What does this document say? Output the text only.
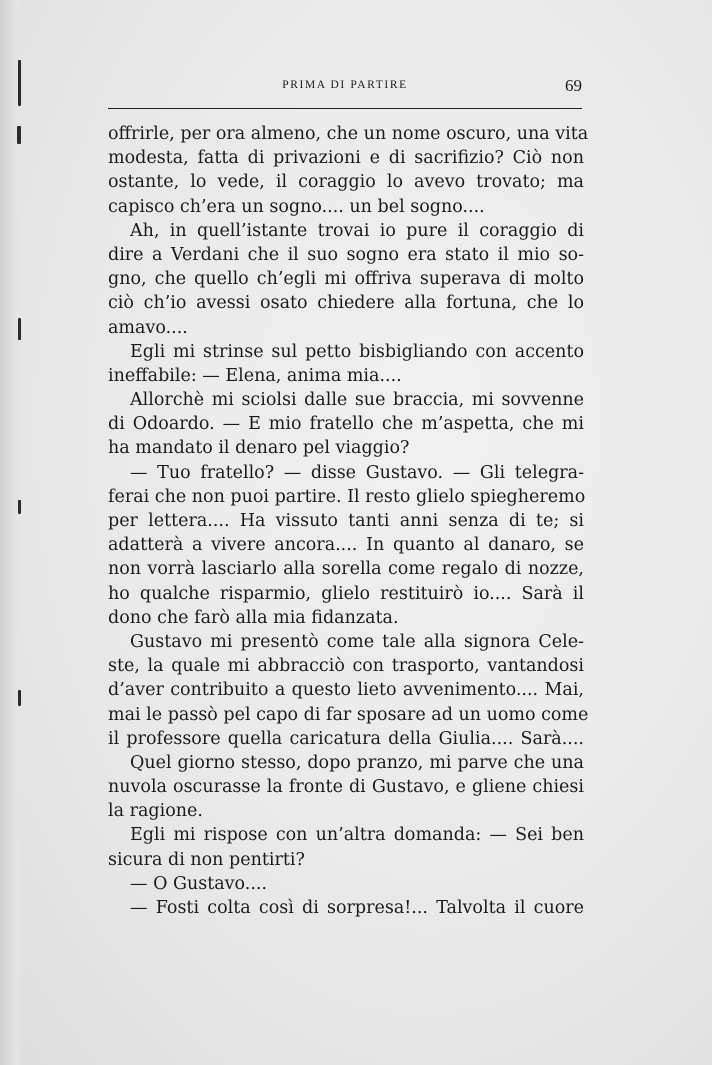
PRIMA DI PARTIRE	69
offrirle, per ora almeno, che un nome oscuro, una vita
modesta, fatta di privazioni e di sacrifizio? Ciò non
ostante, lo vede, il coraggio lo avevo trovato; ma
capisco ch’era un sogno.... un bel sogno....
Ah, in quell’istante trovai io pure il coraggio di
dire a Verdani che il suo sogno era stato il mio so-
gno, che quello ch’egli mi offriva superava di molto
ciò ch’io avessi osato chiedere alla fortuna, che lo
amavo....
Egli mi strinse sul petto bisbigliando con accento
ineffabile: — Elena, anima mia....
Allorchè mi sciolsi dalle sue braccia, mi sovvenne
di Odoardo. — E mio fratello che m’aspetta, che mi
ha mandato il denaro pel viaggio?
— Tuo fratello? — disse Gustavo. — Gli telegra-
ferai che non puoi partire. Il resto glielo spiegheremo
per lettera.... Ha vissuto tanti anni senza di te; si
adatterà a vivere ancora.... In quanto al danaro, se
non vorrà lasciarlo alla sorella come regalo di nozze,
ho qualche risparmio, glielo restituirò io.... Sarà il
dono che farò alla mia fidanzata.
Gustavo mi presentò come tale alla signora Cele-
ste, la quale mi abbracciò con trasporto, vantandosi
d’aver contribuito a questo lieto avvenimento.... Mai,
mai le passò pel capo di far sposare ad un uomo come
il professore quella caricatura della Giulia.... Sarà....
Quel giorno stesso, dopo pranzo, mi parve che una
nuvola oscurasse la fronte di Gustavo, e gliene chiesi
la ragione.
Egli mi rispose con un’altra domanda: — Sei ben
sicura di non pentirti?
— O Gustavo....
— Fosti colta così di sorpresa!... Talvolta il cuore
